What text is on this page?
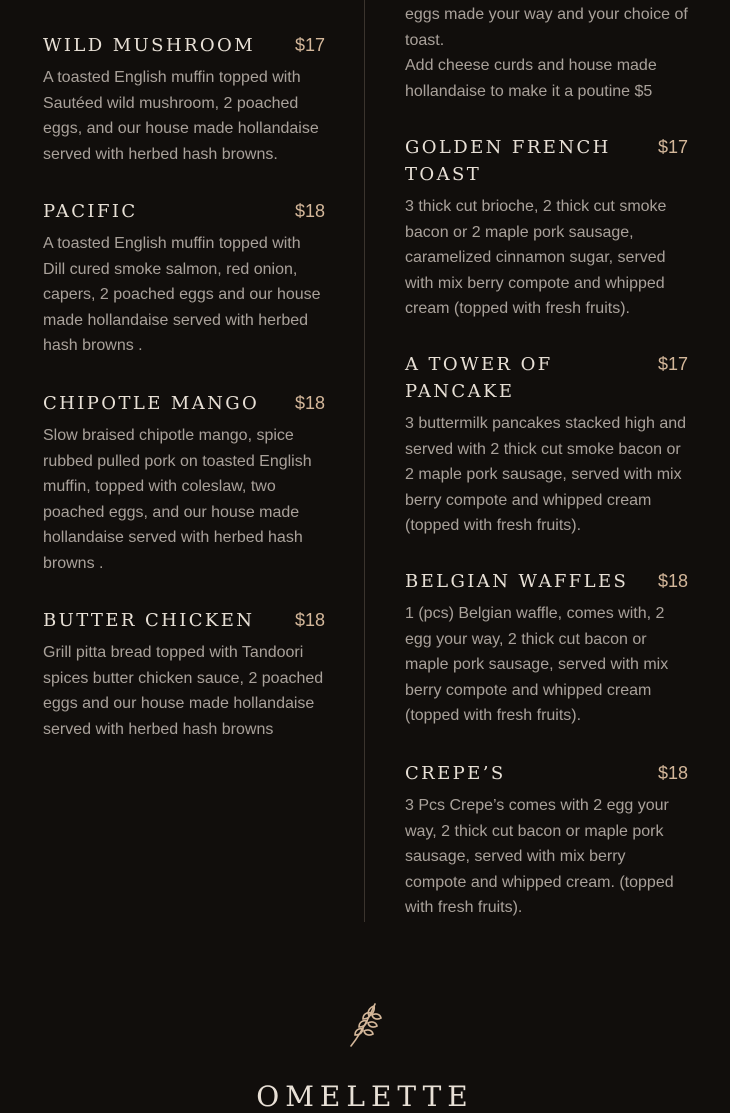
WILD MUSHROOM	$17

A toasted English muffin topped with Sautéed wild mushroom, 2 poached eggs, and our house made hollandaise served with herbed hash browns.

PACIFIC	$18

A toasted English muffin topped with Dill cured smoke salmon, red onion, capers, 2 poached eggs and our house made hollandaise served with herbed hash browns .

CHIPOTLE MANGO	$18

Slow braised chipotle mango, spice rubbed pulled pork on toasted English muffin, topped with coleslaw, two poached eggs, and our house made hollandaise served with herbed hash browns .

BUTTER CHICKEN	$18

Grill pitta bread topped with Tandoori spices butter chicken sauce, 2 poached eggs and our house made hollandaise served with herbed hash browns

eggs made your way and your choice of toast.

Add cheese curds and house made hollandaise to make it a poutine $5

GOLDEN FRENCH TOAST
$17

3 thick cut brioche, 2 thick cut smoke bacon or 2 maple pork sausage, caramelized cinnamon sugar, served with mix berry compote and whipped cream (topped with fresh fruits).

A TOWER OF PANCAKE
$17

3 buttermilk pancakes stacked high and served with 2 thick cut smoke bacon or 2 maple pork sausage, served with mix berry compote and whipped cream (topped with fresh fruits).

BELGIAN WAFFLES	$18

1 (pcs) Belgian waffle, comes with, 2 egg your way, 2 thick cut bacon or maple pork sausage, served with mix berry compote and whipped cream (topped with fresh fruits).

CREPE’S	$18

3 Pcs Crepe’s comes with 2 egg your way, 2 thick cut bacon or maple pork sausage, served with mix berry compote and whipped cream. (topped with fresh fruits).

OMELETTE
